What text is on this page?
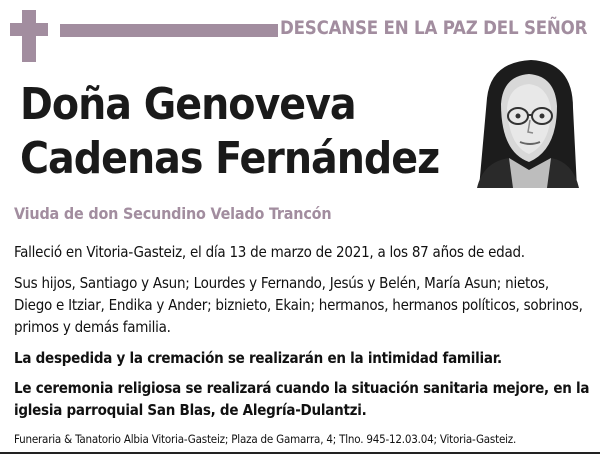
DESCANSE EN LA PAZ DEL SEÑOR
Doña Genoveva
Cadenas Fernández
Viuda de don Secundino Velado Trancón
Falleció en Vitoria-Gasteiz, el día 13 de marzo de 2021, a los 87 años de edad.
Sus hijos, Santiago y Asun; Lourdes y Fernando, Jesús y Belén, María Asun; nietos, Diego e Itziar, Endika y Ander; biznieto, Ekain; hermanos, hermanos políticos, sobrinos, primos y demás familia.
La despedida y la cremación se realizarán en la intimidad familiar.
Le ceremonia religiosa se realizará cuando la situación sanitaria mejore, en la iglesia parroquial San Blas, de Alegría-Dulantzi.
Funeraria & Tanatorio Albia Vitoria-Gasteiz; Plaza de Gamarra, 4; Tlno. 945-12.03.04; Vitoria-Gasteiz.
